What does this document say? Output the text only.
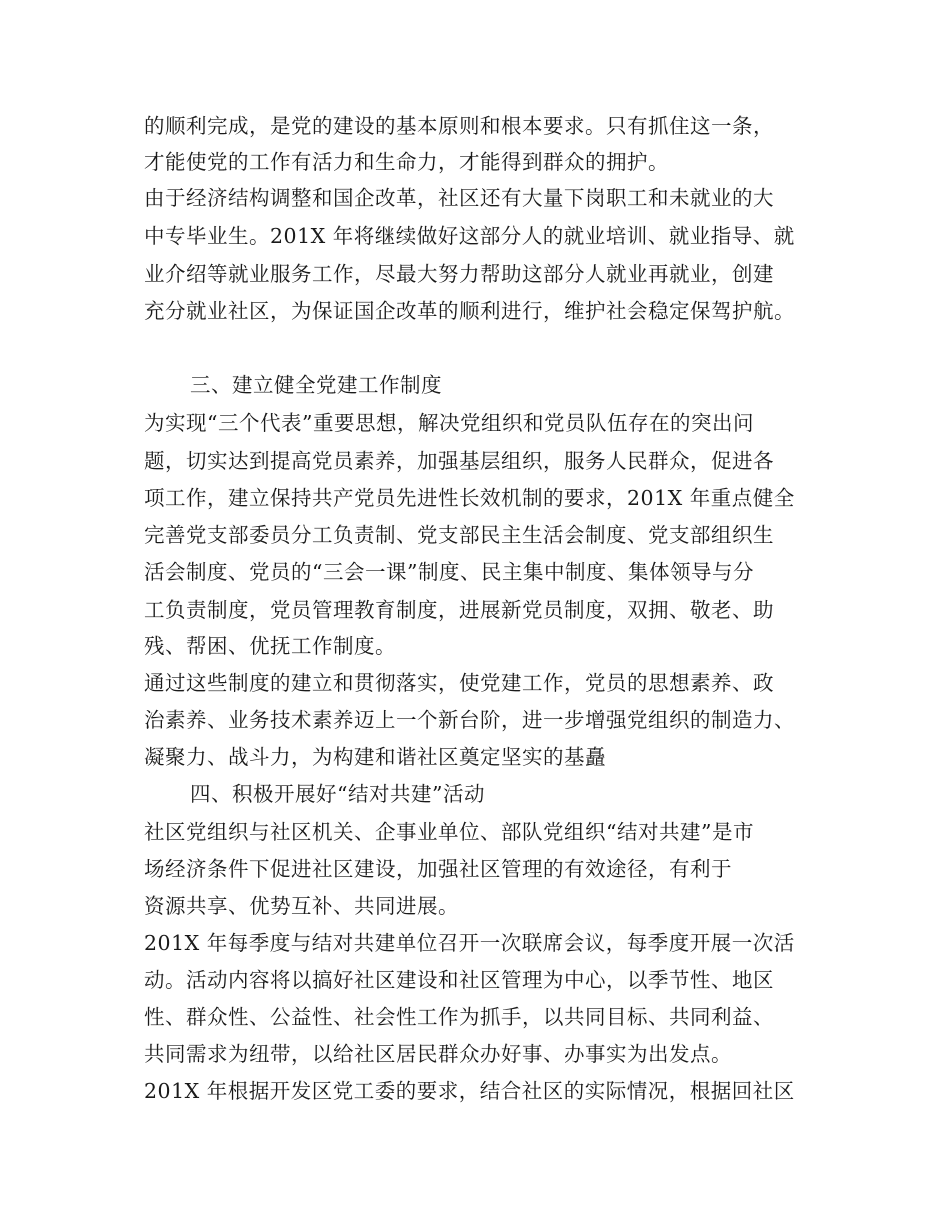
的顺利完成，是党的建设的基本原则和根本要求。只有抓住这一条，
才能使党的工作有活力和生命力，才能得到群众的拥护。
由于经济结构调整和国企改革，社区还有大量下岗职工和未就业的大
中专毕业生。201X 年将继续做好这部分人的就业培训、就业指导、就
业介绍等就业服务工作，尽最大努力帮助这部分人就业再就业，创建
充分就业社区，为保证国企改革的顺利进行，维护社会稳定保驾护航。
三、建立健全党建工作制度
为实现“三个代表”重要思想，解决党组织和党员队伍存在的突出问
题，切实达到提高党员素养，加强基层组织，服务人民群众，促进各
项工作，建立保持共产党员先进性长效机制的要求，201X 年重点健全
完善党支部委员分工负责制、党支部民主生活会制度、党支部组织生
活会制度、党员的“三会一课”制度、民主集中制度、集体领导与分
工负责制度，党员管理教育制度，进展新党员制度，双拥、敬老、助
残、帮困、优抚工作制度。
通过这些制度的建立和贯彻落实，使党建工作，党员的思想素养、政
治素养、业务技术素养迈上一个新台阶，进一步增强党组织的制造力、
凝聚力、战斗力，为构建和谐社区奠定坚实的基矗
四、积极开展好“结对共建”活动
社区党组织与社区机关、企事业单位、部队党组织“结对共建”是市
场经济条件下促进社区建设，加强社区管理的有效途径，有利于
资源共享、优势互补、共同进展。
201X 年每季度与结对共建单位召开一次联席会议，每季度开展一次活
动。活动内容将以搞好社区建设和社区管理为中心，以季节性、地区
性、群众性、公益性、社会性工作为抓手，以共同目标、共同利益、
共同需求为纽带，以给社区居民群众办好事、办事实为出发点。
201X 年根据开发区党工委的要求，结合社区的实际情况，根据回社区
